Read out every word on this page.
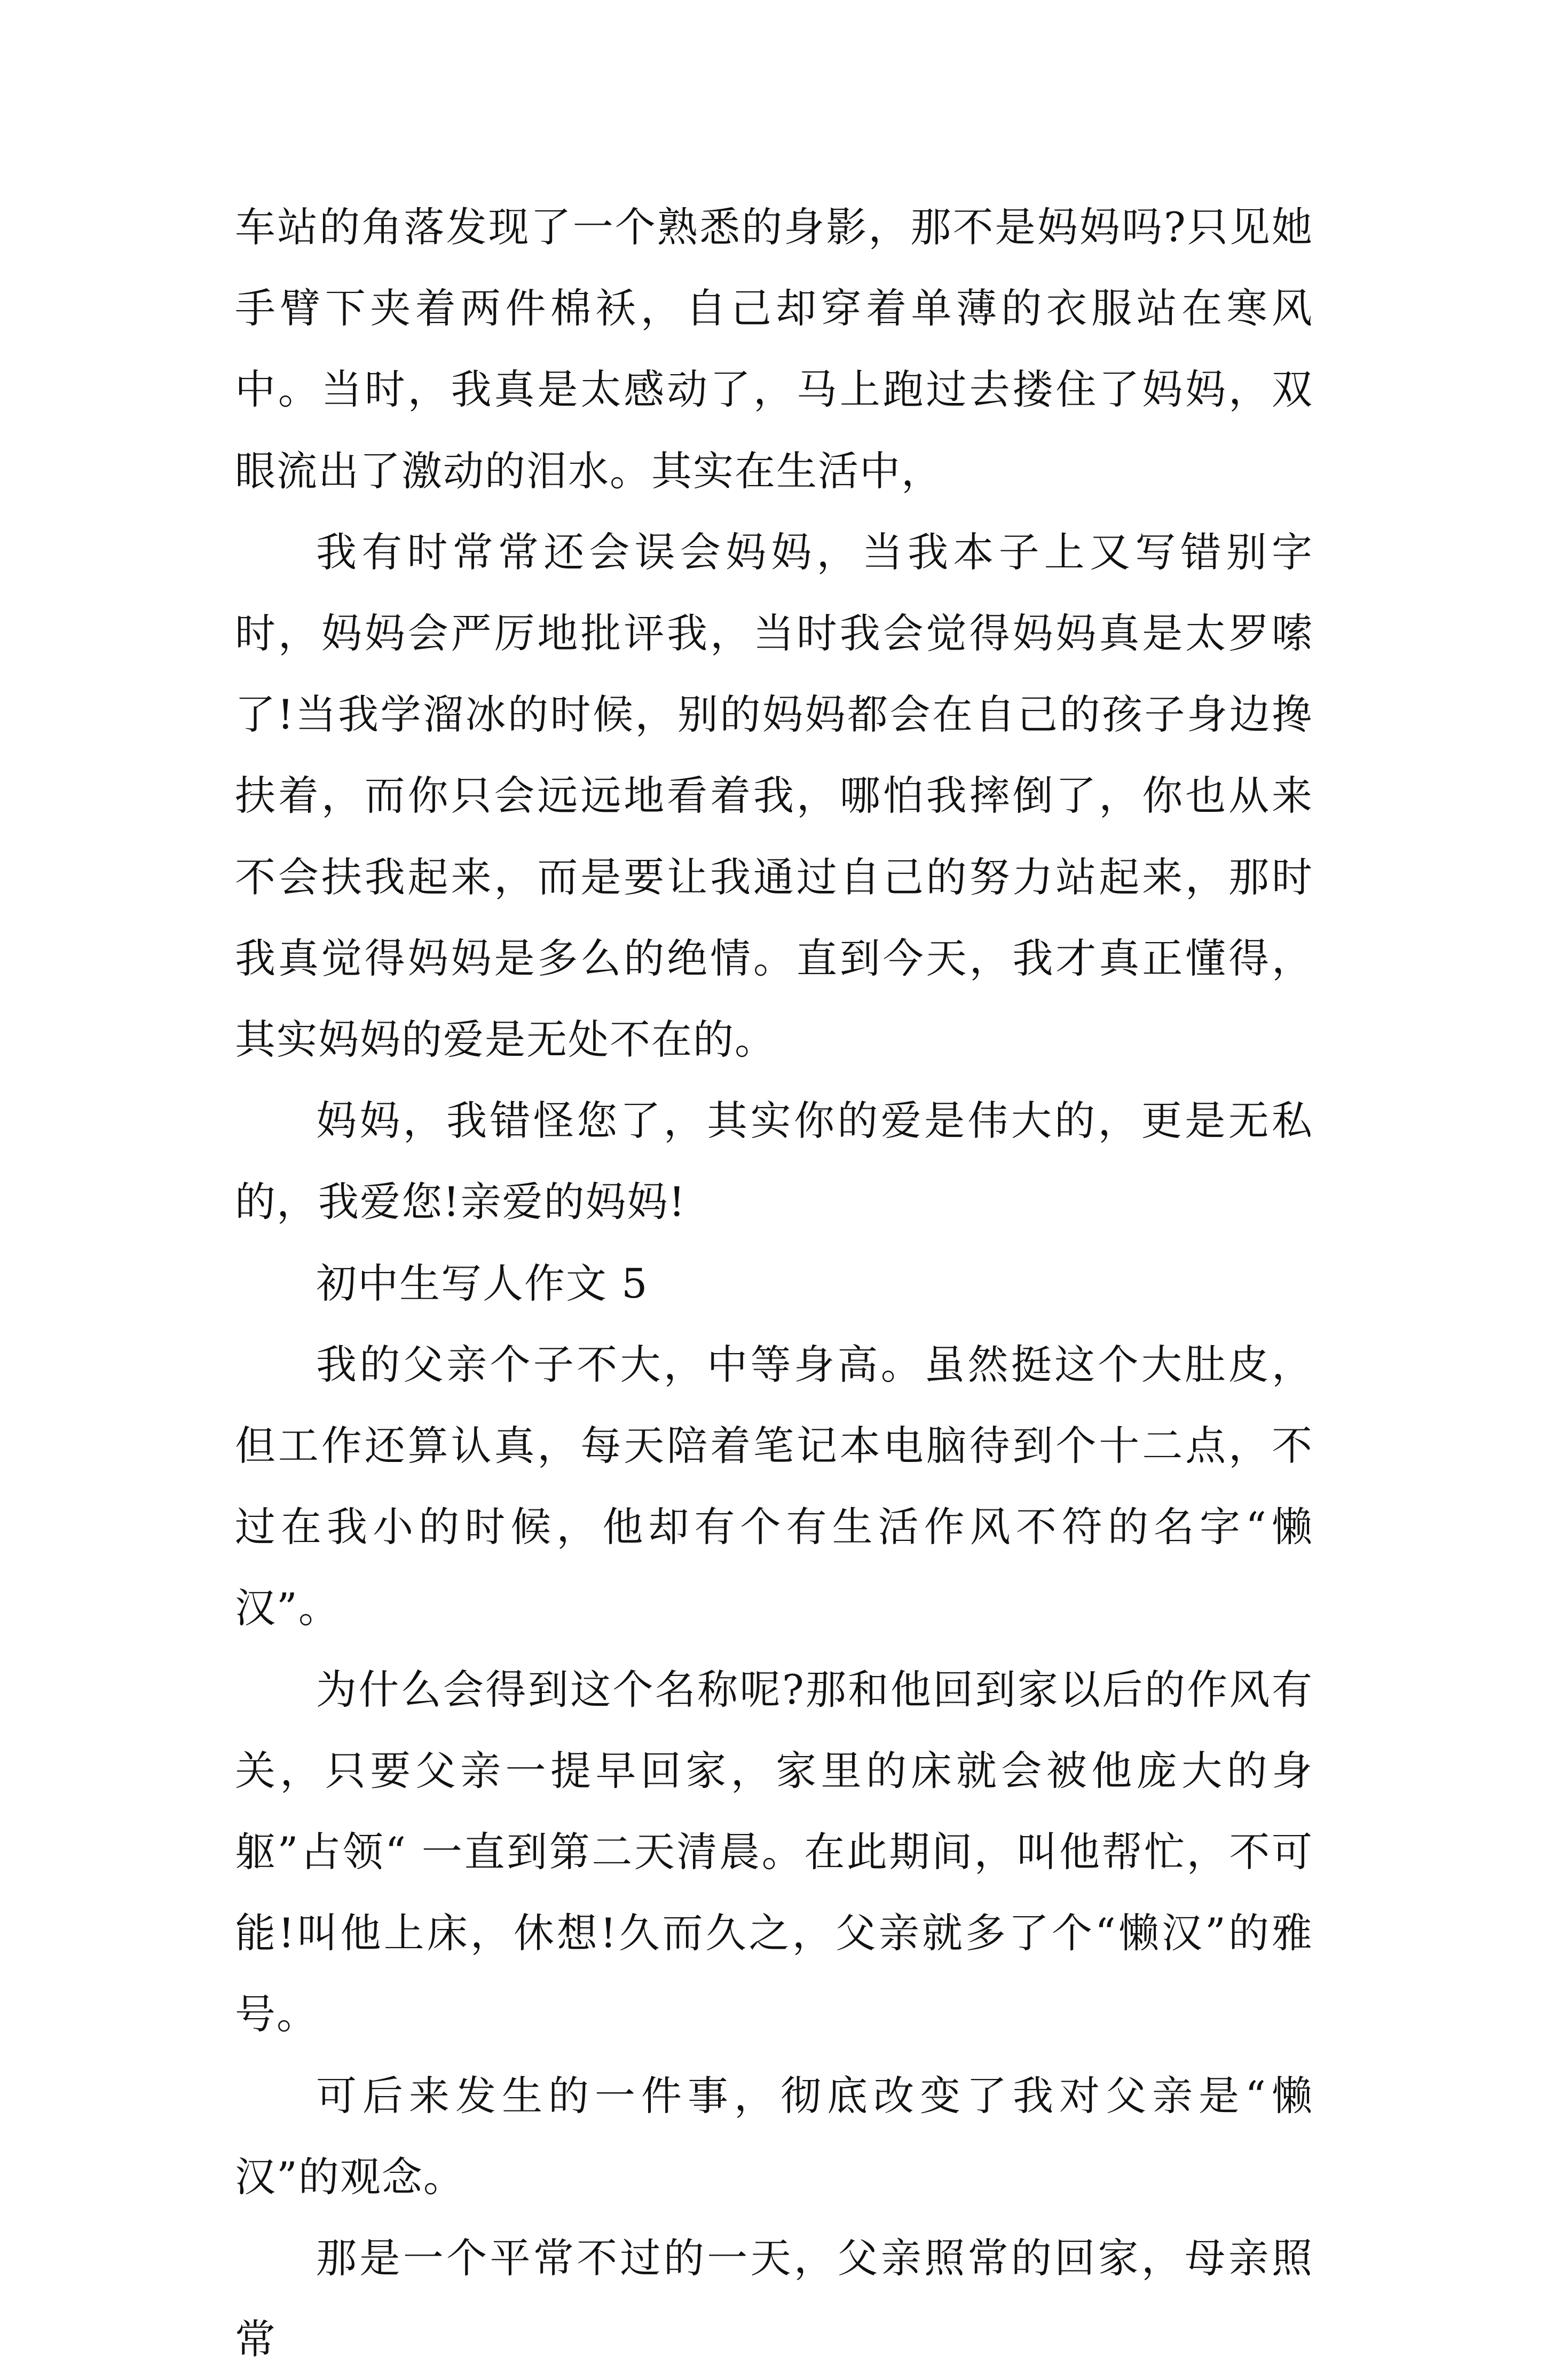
车站的角落发现了一个熟悉的身影，那不是妈妈吗?只见她手臂下夹着两件棉袄，自己却穿着单薄的衣服站在寒风中。当时，我真是太感动了，马上跑过去搂住了妈妈，双眼流出了激动的泪水。其实在生活中，

我有时常常还会误会妈妈，当我本子上又写错别字时，妈妈会严厉地批评我，当时我会觉得妈妈真是太罗嗦了!当我学溜冰的时候，别的妈妈都会在自己的孩子身边搀扶着，而你只会远远地看着我，哪怕我摔倒了，你也从来不会扶我起来，而是要让我通过自己的努力站起来，那时我真觉得妈妈是多么的绝情。直到今天，我才真正懂得，其实妈妈的爱是无处不在的。

妈妈，我错怪您了，其实你的爱是伟大的，更是无私的，我爱您!亲爱的妈妈!

初中生写人作文 5

我的父亲个子不大，中等身高。虽然挺这个大肚皮，但工作还算认真，每天陪着笔记本电脑待到个十二点，不过在我小的时候，他却有个有生活作风不符的名字“懒汉”。

为什么会得到这个名称呢?那和他回到家以后的作风有关，只要父亲一提早回家，家里的床就会被他庞大的身躯”占领“ 一直到第二天清晨。在此期间，叫他帮忙，不可能!叫他上床，休想!久而久之，父亲就多了个“懒汉”的雅号。

可后来发生的一件事，彻底改变了我对父亲是“懒汉”的观念。

那是一个平常不过的一天，父亲照常的回家，母亲照常
